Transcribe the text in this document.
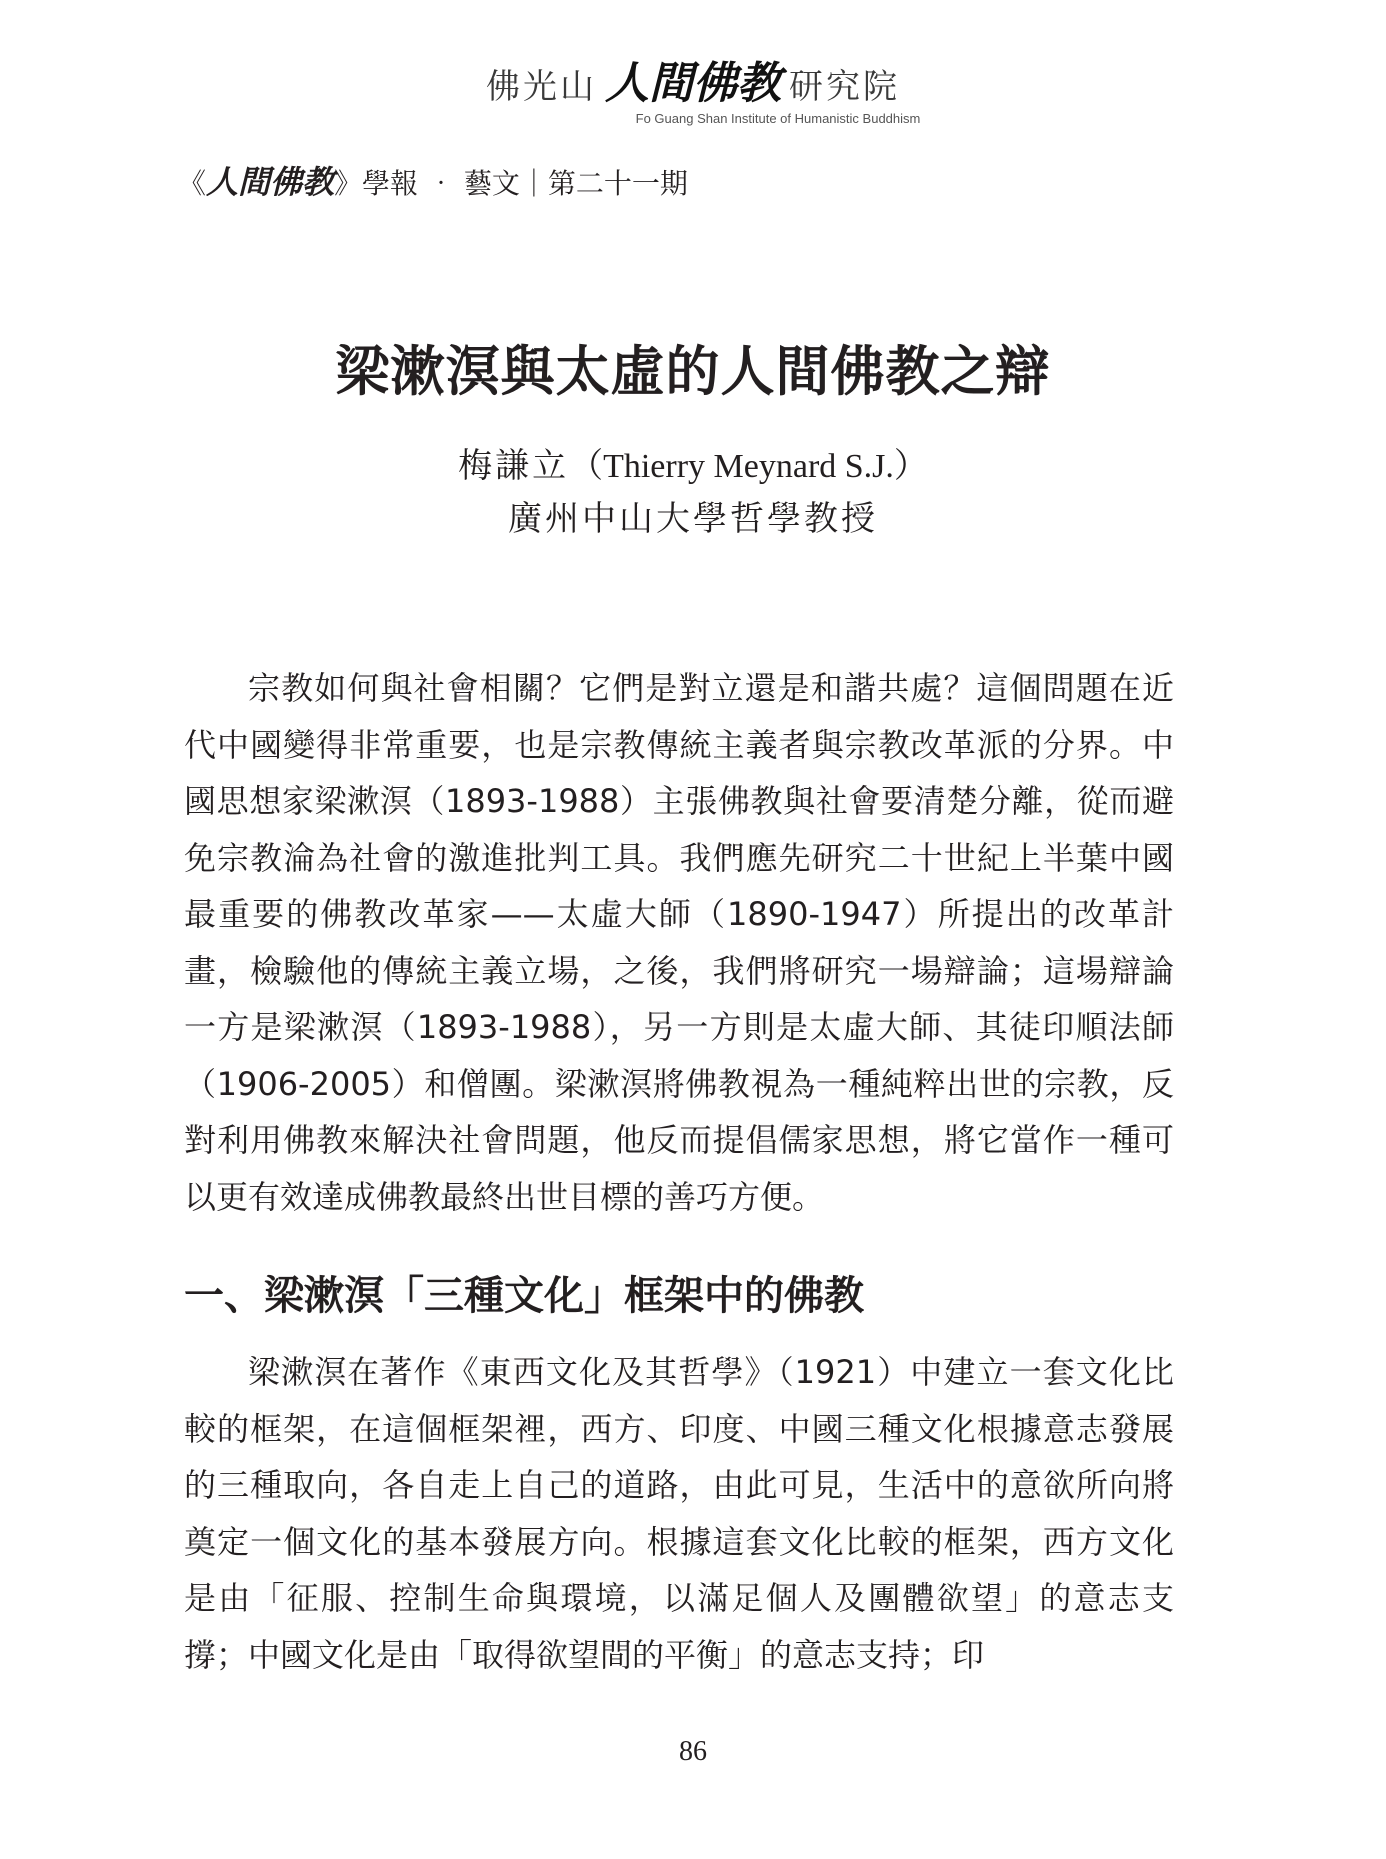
佛光山 人間佛教 研究院
Fo Guang Shan Institute of Humanistic Buddhism
《人間佛教》學報 ‧ 藝文｜第二十一期
梁漱溟與太虛的人間佛教之辯
梅謙立（Thierry Meynard S.J.）
廣州中山大學哲學教授

宗教如何與社會相關？它們是對立還是和諧共處？這個問題在近代中國變得非常重要，也是宗教傳統主義者與宗教改革派的分界。中國思想家梁漱溟（1893-1988）主張佛教與社會要清楚分離，從而避免宗教淪為社會的激進批判工具。我們應先研究二十世紀上半葉中國最重要的佛教改革家——太虛大師（1890-1947）所提出的改革計畫，檢驗他的傳統主義立場，之後，我們將研究一場辯論；這場辯論一方是梁漱溟（1893-1988），另一方則是太虛大師、其徒印順法師（1906-2005）和僧團。梁漱溟將佛教視為一種純粹出世的宗教，反對利用佛教來解決社會問題，他反而提倡儒家思想，將它當作一種可以更有效達成佛教最終出世目標的善巧方便。

一、梁漱溟「三種文化」框架中的佛教

梁漱溟在著作《東西文化及其哲學》（1921）中建立一套文化比較的框架，在這個框架裡，西方、印度、中國三種文化根據意志發展的三種取向，各自走上自己的道路，由此可見，生活中的意欲所向將奠定一個文化的基本發展方向。根據這套文化比較的框架，西方文化是由「征服、控制生命與環境，以滿足個人及團體欲望」的意志支撐；中國文化是由「取得欲望間的平衡」的意志支持；印

86
